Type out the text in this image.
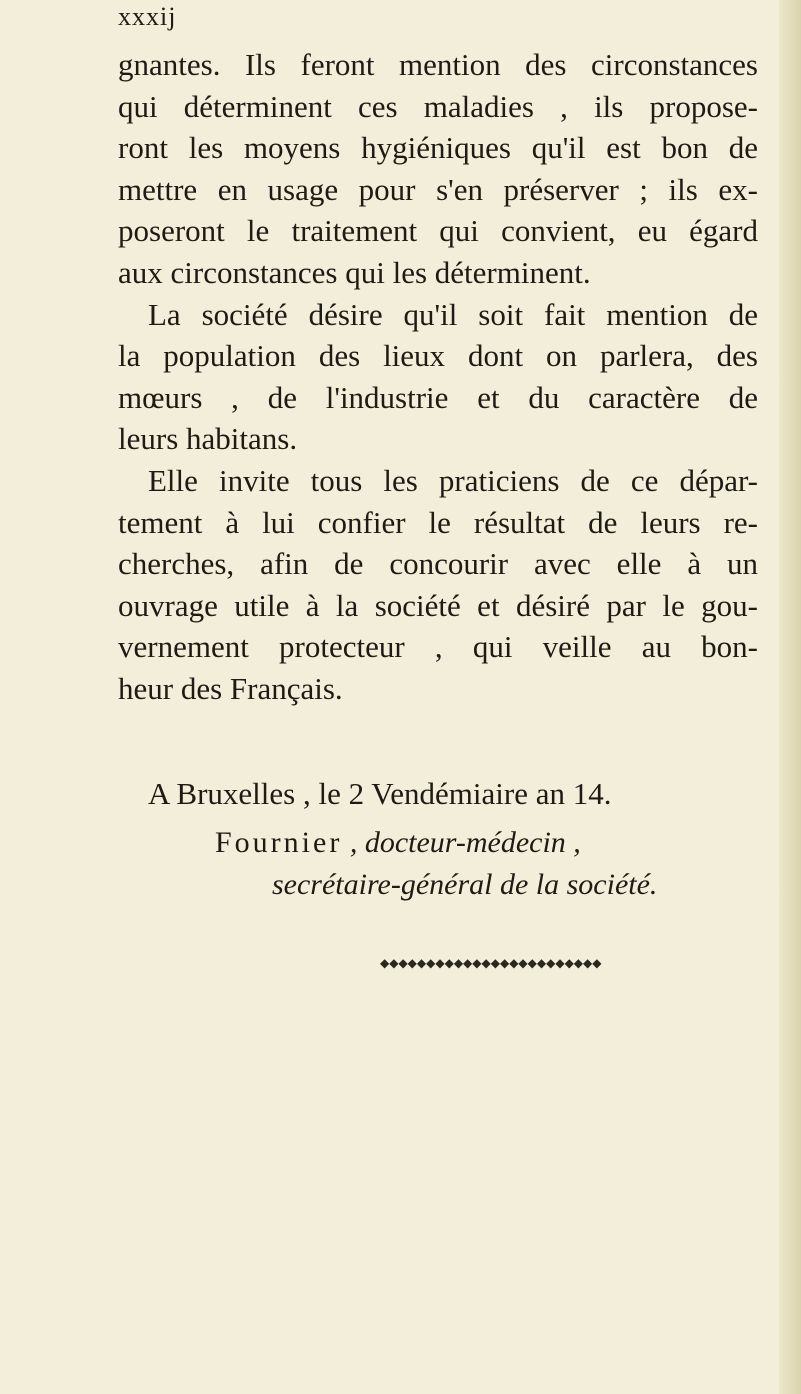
xxxij
gnantes. Ils feront mention des circonstances
qui déterminent ces maladies , ils propose-
ront les moyens hygiéniques qu'il est bon de
mettre en usage pour s'en préserver ; ils ex-
poseront le traitement qui convient, eu égard
aux circonstances qui les déterminent.
La société désire qu'il soit fait mention de
la population des lieux dont on parlera, des
mœurs , de l'industrie et du caractère de
leurs habitans.
Elle invite tous les praticiens de ce dépar-
tement à lui confier le résultat de leurs re-
cherches, afin de concourir avec elle à un
ouvrage utile à la société et désiré par le gou-
vernement protecteur , qui veille au bon-
heur des Français.
A Bruxelles , le 2 Vendémiaire an 14.
Fournier , docteur-médecin ,
secrétaire-général de la société.
◆◆◆◆◆◆◆◆◆◆◆◆◆◆◆◆◆◆◆◆◆◆◆◆
